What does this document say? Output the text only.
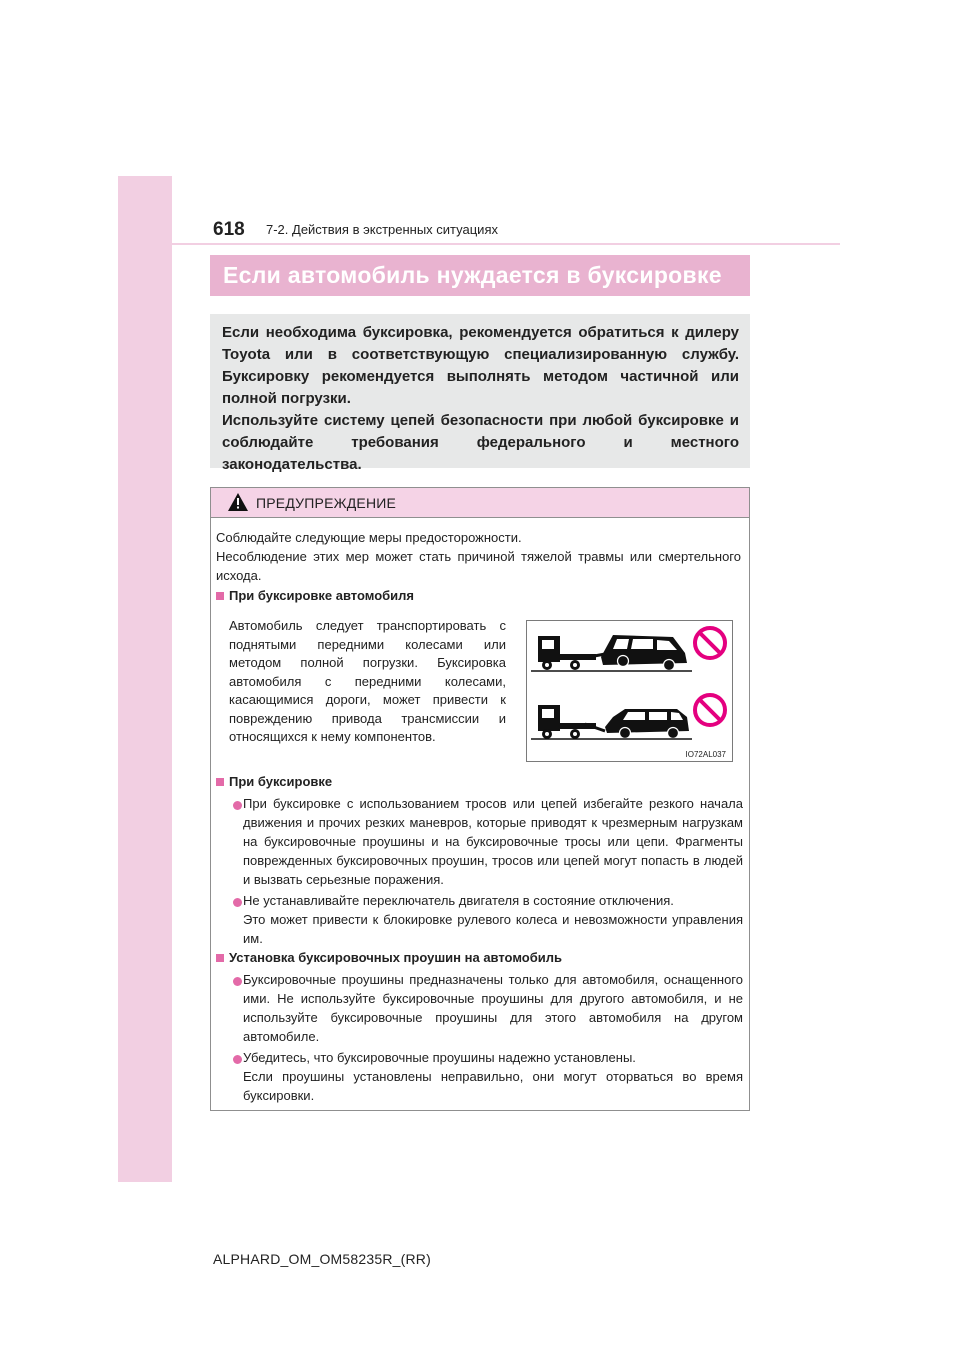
618 7-2. Действия в экстренных ситуациях
Если автомобиль нуждается в буксировке

Если необходима буксировка, рекомендуется обратиться к дилеру Toyota или в соответствующую специализированную службу. Буксировку рекомендуется выполнять методом частичной или полной погрузки.

Используйте систему цепей безопасности при любой буксировке и соблюдайте требования федерального и местного законодательства.

ПРЕДУПРЕЖДЕНИЕ

Соблюдайте следующие меры предосторожности.

Несоблюдение этих мер может стать причиной тяжелой травмы или смертельного исхода.

При буксировке автомобиля

Автомобиль следует транспортировать с поднятыми передними колесами или методом полной погрузки. Буксировка автомобиля с передними колесами, касающимися дороги, может привести к повреждению привода трансмиссии и относящихся к нему компонентов.

IO72AL037

При буксировке

При буксировке с использованием тросов или цепей избегайте резкого начала движения и прочих резких маневров, которые приводят к чрезмерным нагрузкам на буксировочные проушины и на буксировочные тросы или цепи. Фрагменты поврежденных буксировочных проушин, тросов или цепей могут попасть в людей и вызвать серьезные поражения.

Не устанавливайте переключатель двигателя в состояние отключения.

Это может привести к блокировке рулевого колеса и невозможности управления им.

Установка буксировочных проушин на автомобиль

Буксировочные проушины предназначены только для автомобиля, оснащенного ими. Не используйте буксировочные проушины для другого автомобиля, и не используйте буксировочные проушины для этого автомобиля на другом автомобиле.

Убедитесь, что буксировочные проушины надежно установлены.

Если проушины установлены неправильно, они могут оторваться во время буксировки.

ALPHARD_OM_OM58235R_(RR)
